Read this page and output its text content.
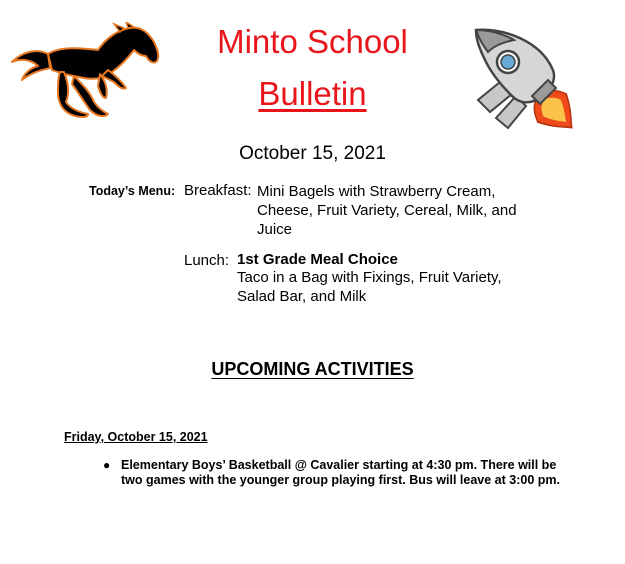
Minto School
Bulletin
October 15, 2021
Today’s Menu: Breakfast: Mini Bagels with Strawberry Cream, Cheese, Fruit Variety, Cereal, Milk, and Juice
Lunch: 1st Grade Meal Choice
Taco in a Bag with Fixings, Fruit Variety, Salad Bar, and Milk
UPCOMING ACTIVITIES
Friday, October 15, 2021
● Elementary Boys’ Basketball @ Cavalier starting at 4:30 pm. There will be two games with the younger group playing first. Bus will leave at 3:00 pm.
